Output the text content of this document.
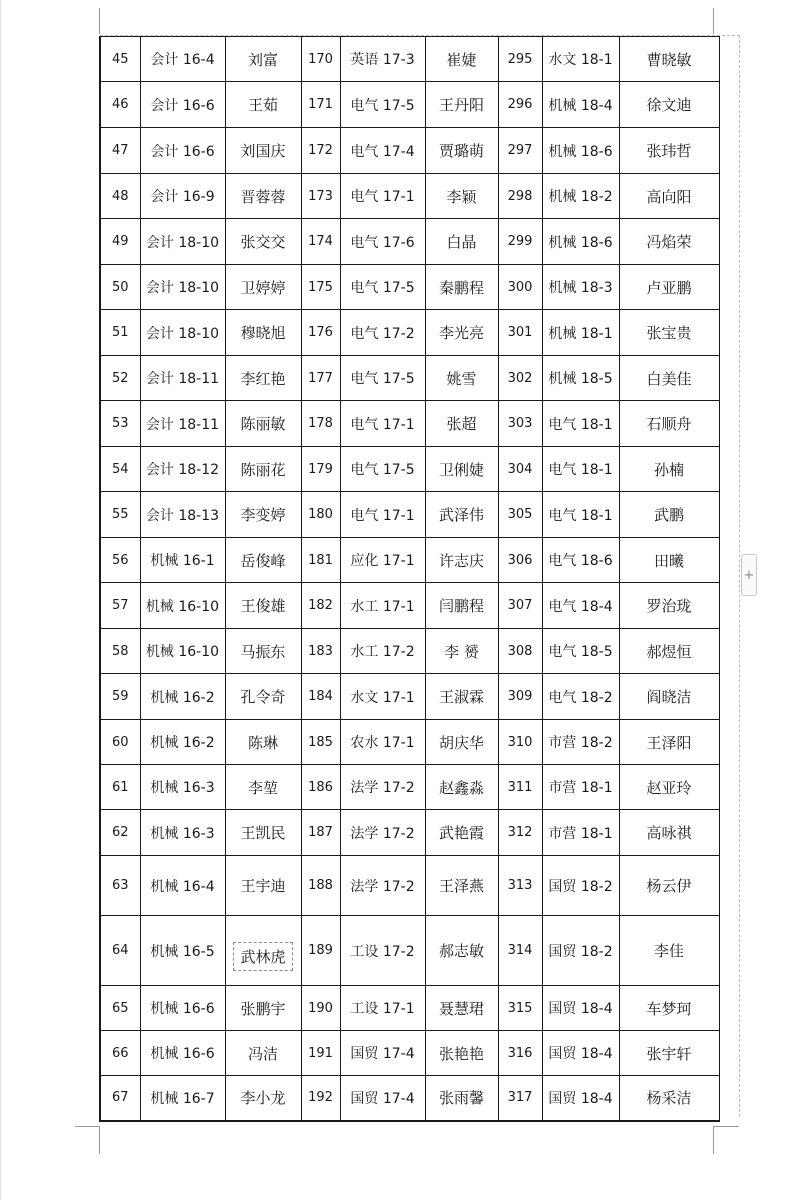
45	会计 16-4	刘富	170	英语 17-3	崔婕	295	水文 18-1	曹晓敏
46	会计 16-6	王茹	171	电气 17-5	王丹阳	296	机械 18-4	徐文迪
47	会计 16-6	刘国庆	172	电气 17-4	贾璐萌	297	机械 18-6	张玮哲
48	会计 16-9	晋蓉蓉	173	电气 17-1	李颖	298	机械 18-2	高向阳
49	会计 18-10	张交交	174	电气 17-6	白晶	299	机械 18-6	冯焰荣
50	会计 18-10	卫婷婷	175	电气 17-5	秦鹏程	300	机械 18-3	卢亚鹏
51	会计 18-10	穆晓旭	176	电气 17-2	李光亮	301	机械 18-1	张宝贵
52	会计 18-11	李红艳	177	电气 17-5	姚雪	302	机械 18-5	白美佳
53	会计 18-11	陈丽敏	178	电气 17-1	张超	303	电气 18-1	石顺舟
54	会计 18-12	陈丽花	179	电气 17-5	卫俐婕	304	电气 18-1	孙楠
55	会计 18-13	李变婷	180	电气 17-1	武泽伟	305	电气 18-1	武鹏
56	机械 16-1	岳俊峰	181	应化 17-1	许志庆	306	电气 18-6	田曦
57	机械 16-10	王俊雄	182	水工 17-1	闫鹏程	307	电气 18-4	罗治珑
58	机械 16-10	马振东	183	水工 17-2	李 赟	308	电气 18-5	郝煜恒
59	机械 16-2	孔令奇	184	水文 17-1	王淑霖	309	电气 18-2	阎晓洁
60	机械 16-2	陈琳	185	农水 17-1	胡庆华	310	市营 18-2	王泽阳
61	机械 16-3	李堃	186	法学 17-2	赵鑫淼	311	市营 18-1	赵亚玲
62	机械 16-3	王凯民	187	法学 17-2	武艳霞	312	市营 18-1	高咏祺
63	机械 16-4	王宇迪	188	法学 17-2	王泽燕	313	国贸 18-2	杨云伊
64	机械 16-5	武林虎	189	工设 17-2	郝志敏	314	国贸 18-2	李佳
65	机械 16-6	张鹏宇	190	工设 17-1	聂慧珺	315	国贸 18-4	车梦珂
66	机械 16-6	冯洁	191	国贸 17-4	张艳艳	316	国贸 18-4	张宇轩
67	机械 16-7	李小龙	192	国贸 17-4	张雨馨	317	国贸 18-4	杨采洁
+
